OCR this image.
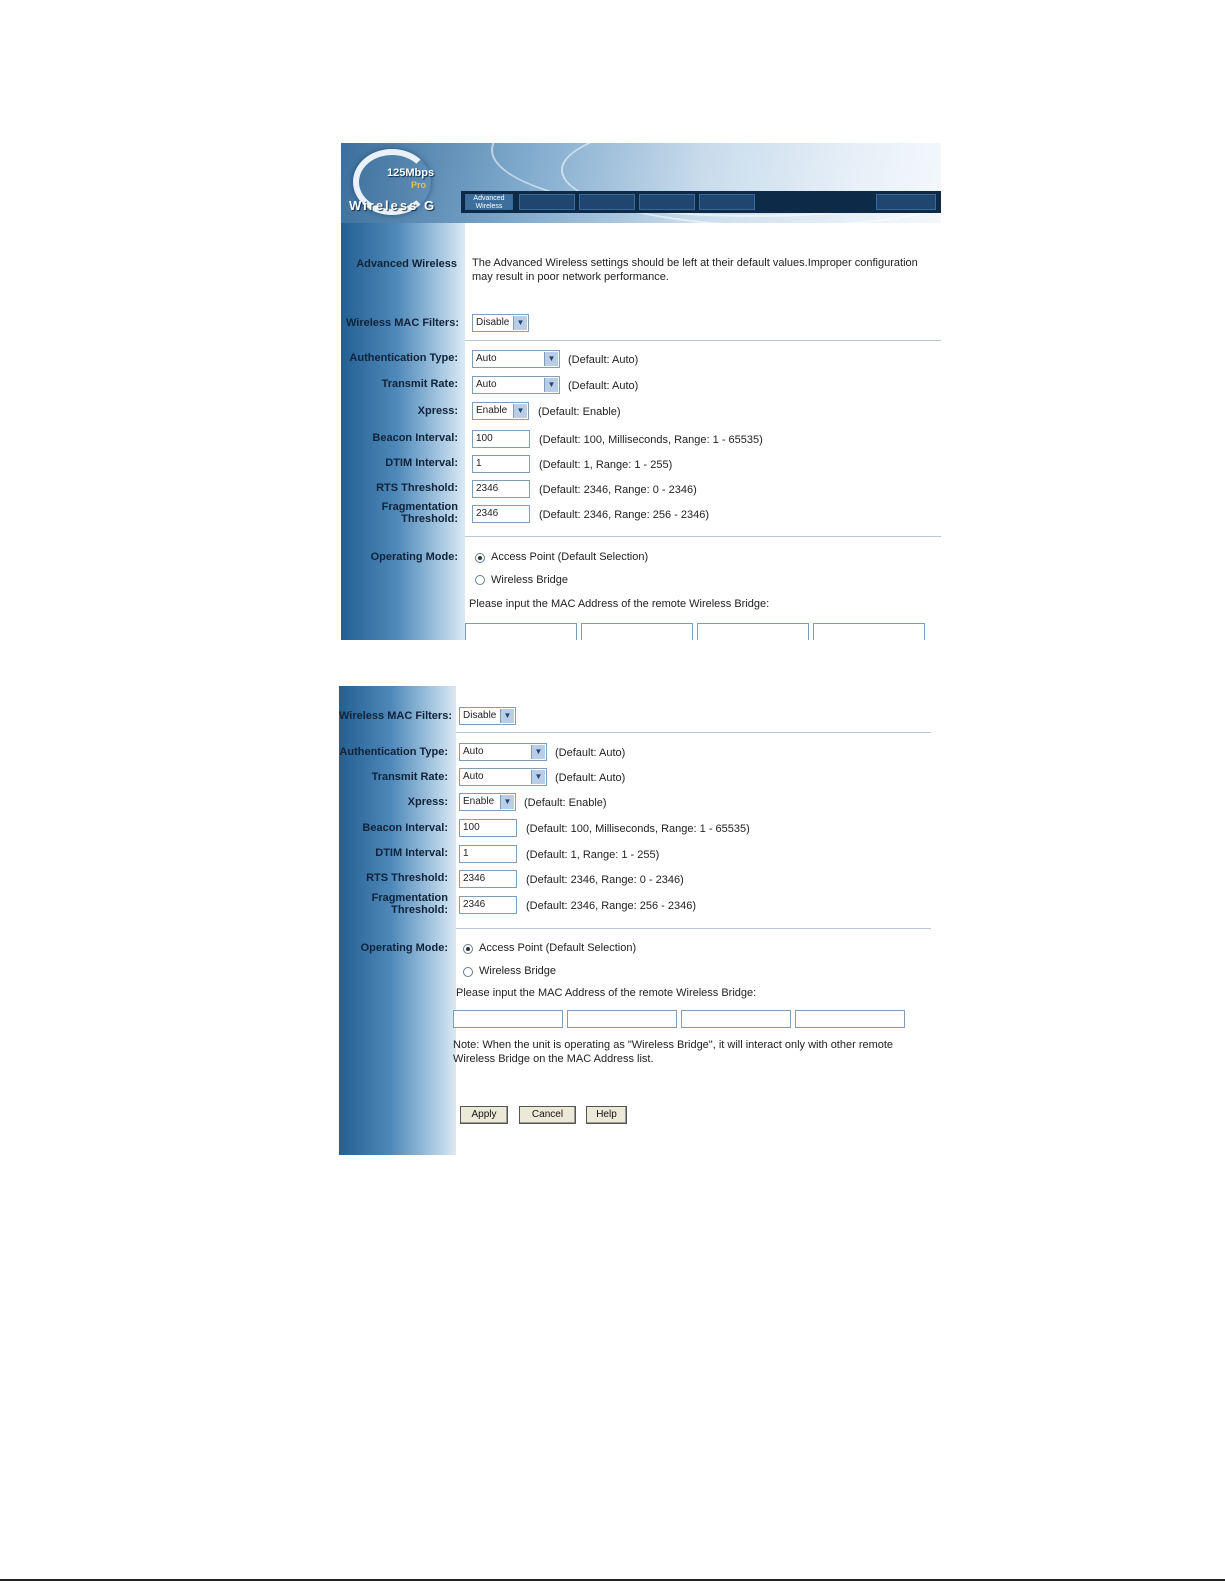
125Mbps
Pro
Wireless G	Advanced
Wireless
Advanced Wireless The Advanced Wireless settings should be left at their default values.Improper configuration may result in poor network performance.
Wireless MAC Filters:	Disable ▼
Authentication Type:	Auto	▼ (Default: Auto)
Transmit Rate:	Auto	▼ (Default: Auto)
Xpress:	Enable	▼ (Default: Enable)
Beacon Interval:	100	(Default: 100, Milliseconds, Range: 1 - 65535)
DTIM Interval:	1	(Default: 1, Range: 1 - 255)
RTS Threshold:	2346	(Default: 2346, Range: 0 - 2346)
Fragmentation
Threshold:	2346	(Default: 2346, Range: 256 - 2346)
Operating Mode:	Access Point (Default Selection)
Wireless Bridge
Please input the MAC Address of the remote Wireless Bridge:
Wireless MAC Filters:	Disable ▼
Authentication Type:	Auto	▼ (Default: Auto)
Transmit Rate:	Auto	▼ (Default: Auto)
Xpress:	Enable	▼ (Default: Enable)
Beacon Interval:	100	(Default: 100, Milliseconds, Range: 1 - 65535)
DTIM Interval:	1	(Default: 1, Range: 1 - 255)
RTS Threshold:	2346	(Default: 2346, Range: 0 - 2346)
Fragmentation
Threshold:	2346	(Default: 2346, Range: 256 - 2346)
Operating Mode:	Access Point (Default Selection)
Wireless Bridge
Please input the MAC Address of the remote Wireless Bridge:
Note: When the unit is operating as "Wireless Bridge", it will interact only with other remote Wireless Bridge on the MAC Address list.
Apply	Cancel	Help
